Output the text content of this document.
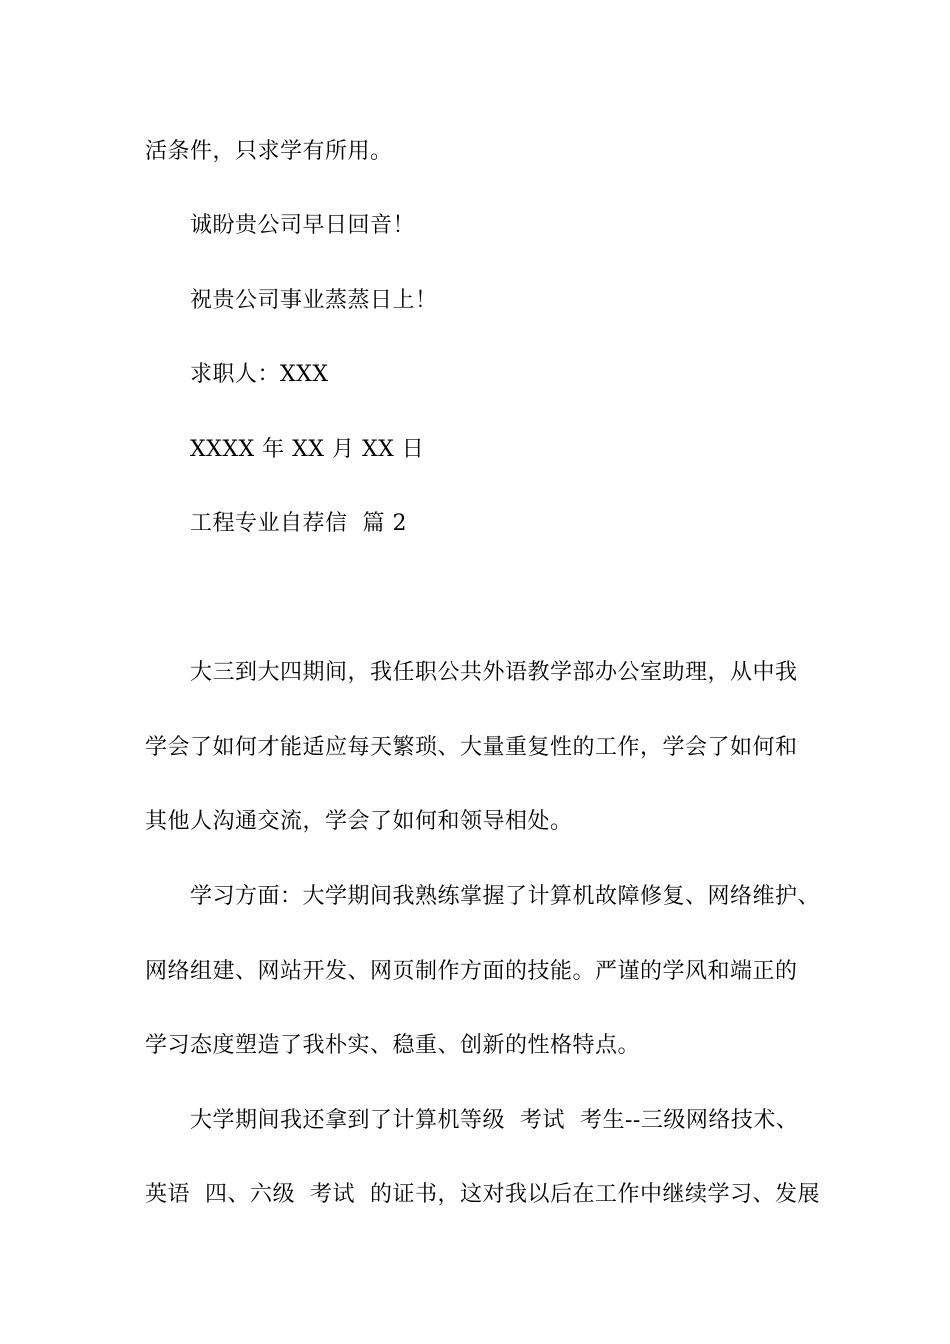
活条件，只求学有所用。
诚盼贵公司早日回音！
祝贵公司事业蒸蒸日上！
求职人：XXX
XXXX 年 XX 月 XX 日
工程专业自荐信  篇 2
大三到大四期间，我任职公共外语教学部办公室助理，从中我
学会了如何才能适应每天繁琐、大量重复性的工作，学会了如何和
其他人沟通交流，学会了如何和领导相处。
学习方面：大学期间我熟练掌握了计算机故障修复、网络维护、
网络组建、网站开发、网页制作方面的技能。严谨的学风和端正的
学习态度塑造了我朴实、稳重、创新的性格特点。
大学期间我还拿到了计算机等级  考试  考生--三级网络技术、
英语  四、六级  考试  的证书，这对我以后在工作中继续学习、发展
